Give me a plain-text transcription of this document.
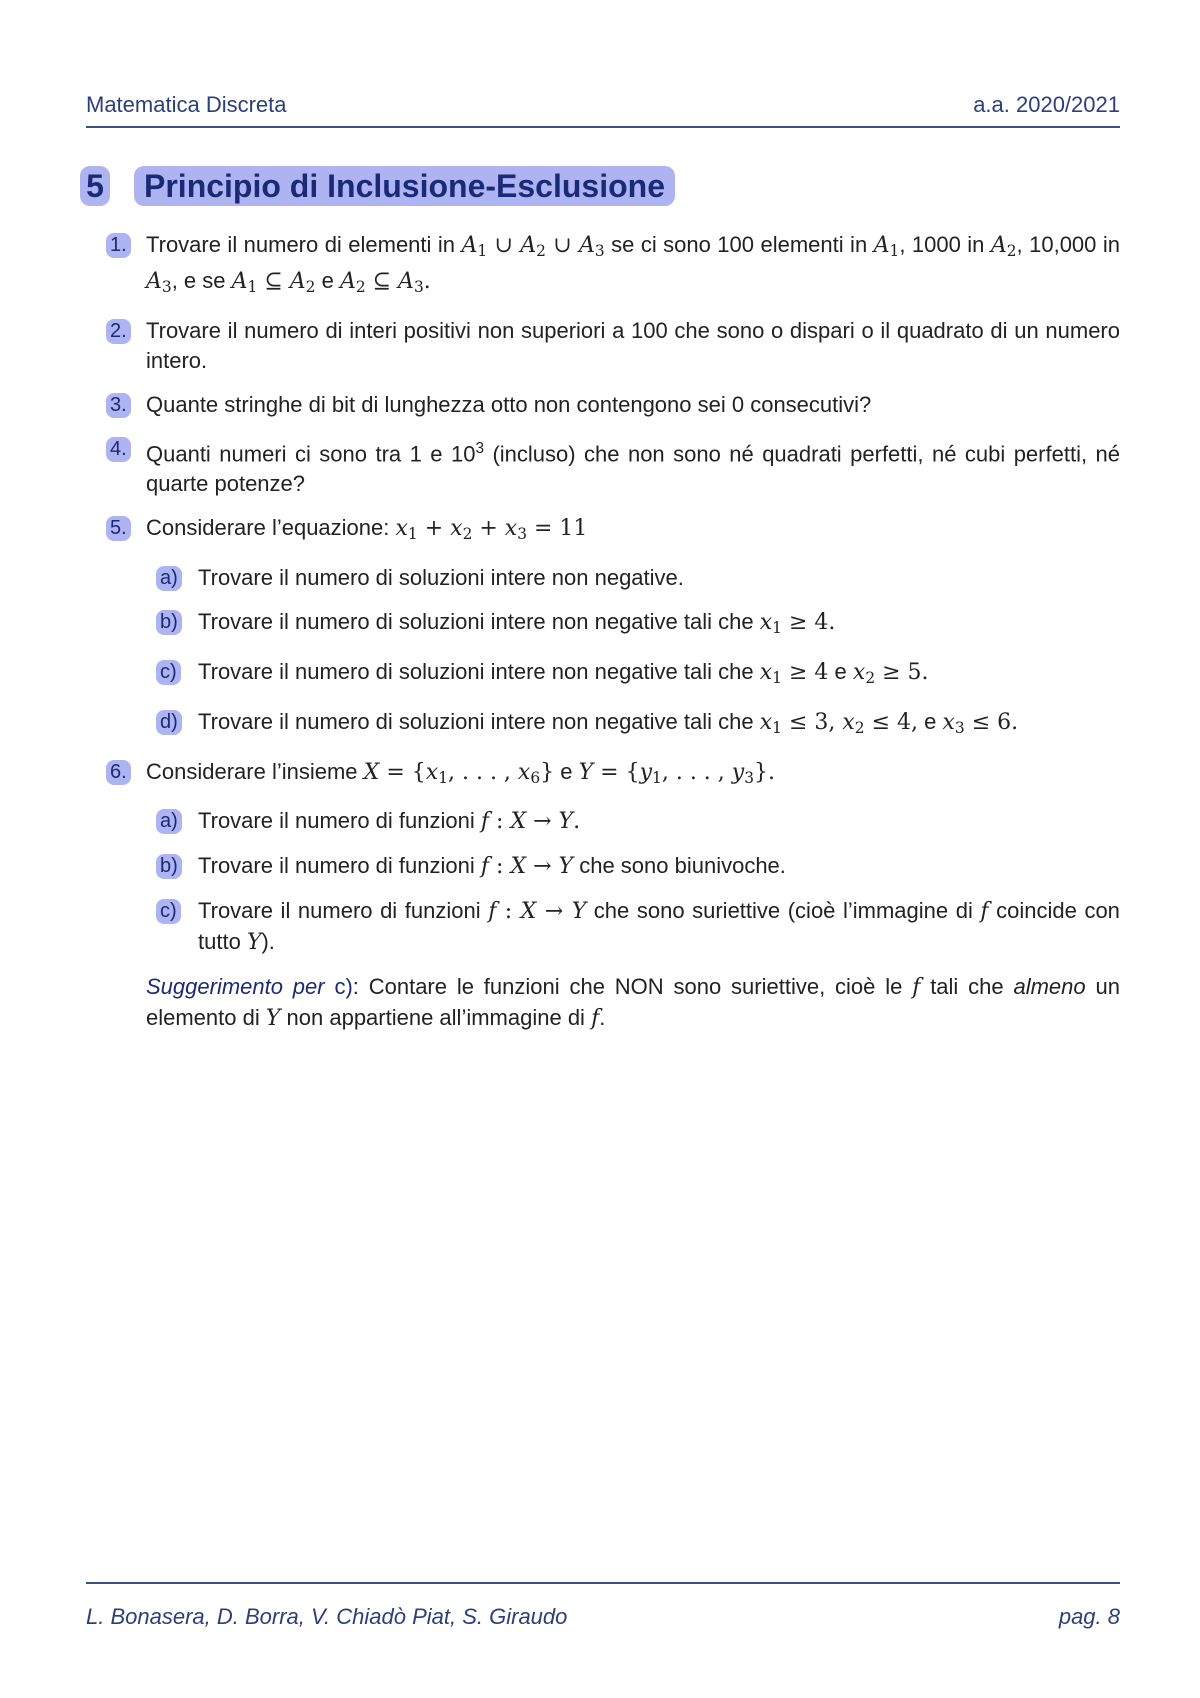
Matematica Discreta	a.a. 2020/2021
5	Principio di Inclusione-Esclusione
1. Trovare il numero di elementi in $A_1$ ∪ $A_2$ ∪ $A_3$ se ci sono 100 elementi in $A_1$, 1000 in $A_2$, 10,000 in $A_3$, e se $A_1$ ⊆ $A_2$ e $A_2$ ⊆ $A_3$.
2. Trovare il numero di interi positivi non superiori a 100 che sono o dispari o il quadrato di un numero intero.
3. Quante stringhe di bit di lunghezza otto non contengono sei 0 consecutivi?
4. Quanti numeri ci sono tra 1 e $10^3$ (incluso) che non sono né quadrati perfetti, né cubi perfetti, né quarte potenze?
5. Considerare l’equazione: $x_1 + x_2 + x_3 = 11$
a) Trovare il numero di soluzioni intere non negative.
b) Trovare il numero di soluzioni intere non negative tali che $x_1 \ge 4$.
c) Trovare il numero di soluzioni intere non negative tali che $x_1 \ge 4$ e $x_2 \ge 5$.
d) Trovare il numero di soluzioni intere non negative tali che $x_1 \le 3$, $x_2 \le 4$, e $x_3 \le 6$.
6. Considerare l’insieme $X = \{x_1$, . . . , $x_6$} e $Y = \{y_1$, . . . , $y_3$}.
a) Trovare il numero di funzioni f : X → Y.
b) Trovare il numero di funzioni f : X → Y che sono biunivoche.
c) Trovare il numero di funzioni f : X → Y che sono suriettive (cioè l’immagine di f coincide con tutto Y).
Suggerimento per c): Contare le funzioni che NON sono suriettive, cioè le f tali che almeno un elemento di Y non appartiene all’immagine di f.
L. Bonasera, D. Borra, V. Chiadò Piat, S. Giraudo	pag. 8
